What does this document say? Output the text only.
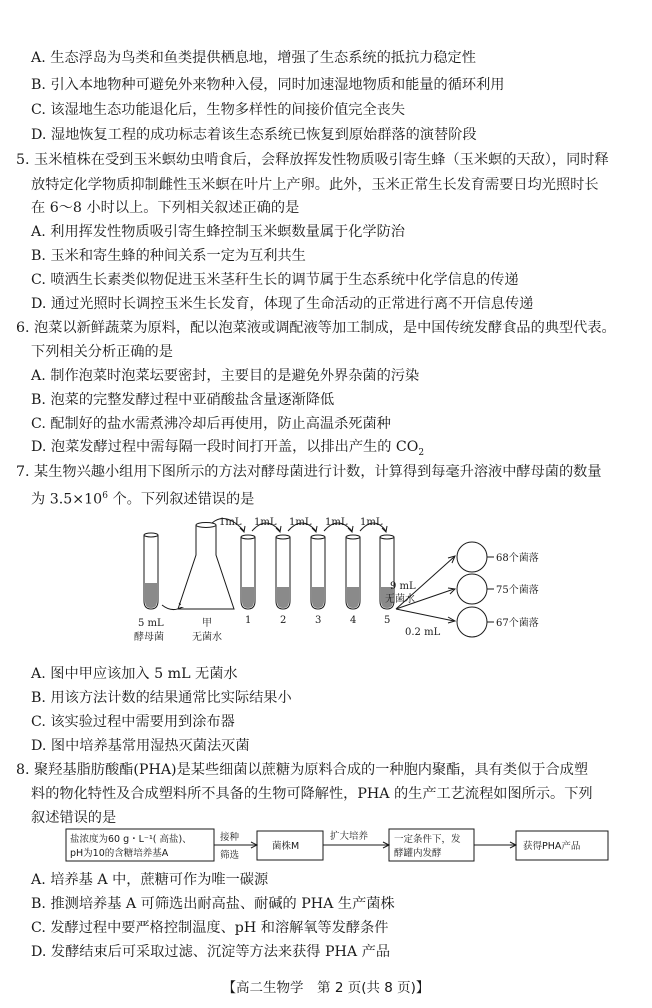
A. 生态浮岛为鸟类和鱼类提供栖息地，增强了生态系统的抵抗力稳定性
B. 引入本地物种可避免外来物种入侵，同时加速湿地物质和能量的循环利用
C. 该湿地生态功能退化后，生物多样性的间接价值完全丧失
D. 湿地恢复工程的成功标志着该生态系统已恢复到原始群落的演替阶段
5. 玉米植株在受到玉米螟幼虫啃食后，会释放挥发性物质吸引寄生蜂（玉米螟的天敌），同时释
放特定化学物质抑制雌性玉米螟在叶片上产卵。此外，玉米正常生长发育需要日均光照时长
在 6～8 小时以上。下列相关叙述正确的是
A. 利用挥发性物质吸引寄生蜂控制玉米螟数量属于化学防治
B. 玉米和寄生蜂的种间关系一定为互利共生
C. 喷洒生长素类似物促进玉米茎秆生长的调节属于生态系统中化学信息的传递
D. 通过光照时长调控玉米生长发育，体现了生命活动的正常进行离不开信息传递
6. 泡菜以新鲜蔬菜为原料，配以泡菜液或调配液等加工制成，是中国传统发酵食品的典型代表。
下列相关分析正确的是
A. 制作泡菜时泡菜坛要密封，主要目的是避免外界杂菌的污染
B. 泡菜的完整发酵过程中亚硝酸盐含量逐渐降低
C. 配制好的盐水需煮沸冷却后再使用，防止高温杀死菌种
D. 泡菜发酵过程中需每隔一段时间打开盖，以排出产生的 $CO_2$
7. 某生物兴趣小组用下图所示的方法对酵母菌进行计数，计算得到每毫升溶液中酵母菌的数量
为 $3.5\times 10^6$ 个。下列叙述错误的是
5 mL
酵母菌
甲
无菌水
1mL 1mL 1mL 1mL 1mL
1	2	3	4	5
9 mL
无菌水
0.2 mL
68个菌落
75个菌落
67个菌落
A. 图中甲应该加入 5 mL 无菌水
B. 用该方法计数的结果通常比实际结果小
C. 该实验过程中需要用到涂布器
D. 图中培养基常用湿热灭菌法灭菌
8. 聚羟基脂肪酸酯(PHA)是某些细菌以蔗糖为原料合成的一种胞内聚酯，具有类似于合成塑
料的物化特性及合成塑料所不具备的生物可降解性，PHA 的生产工艺流程如图所示。下列
叙述错误的是
盐浓度为60 g・L⁻¹( 高盐)、
pH为10的含糖培养基A
接种
筛选
菌株M
扩大培养	一定条件下，发
酵罐内发酵
获得PHA产品
A. 培养基 A 中，蔗糖可作为唯一碳源
B. 推测培养基 A 可筛选出耐高盐、耐碱的 PHA 生产菌株
C. 发酵过程中要严格控制温度、pH 和溶解氧等发酵条件
D. 发酵结束后可采取过滤、沉淀等方法来获得 PHA 产品
【高二生物学　第 2 页(共 8 页)】
